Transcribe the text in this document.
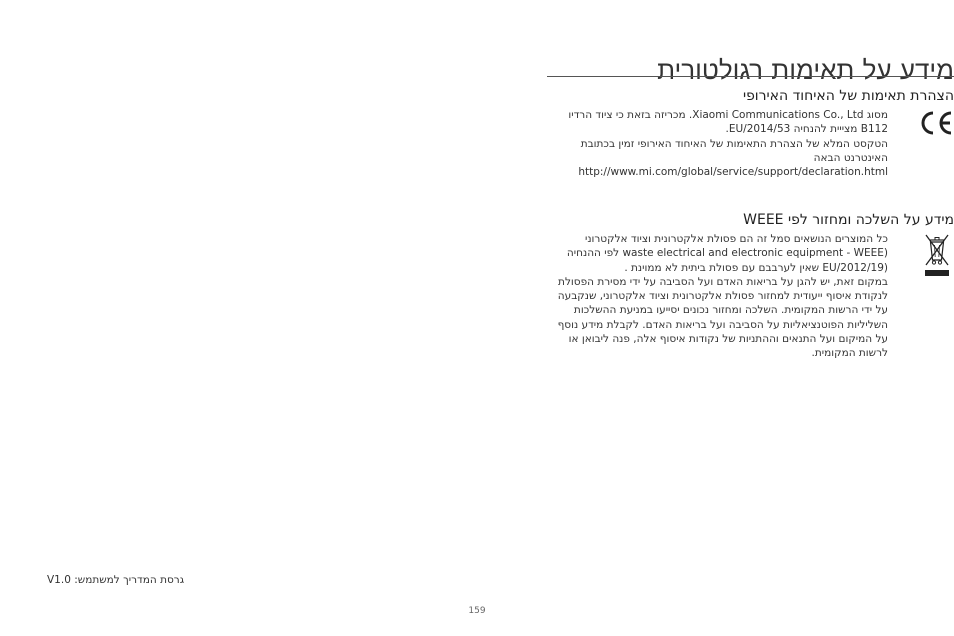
מידע על תאימות רגולטורית
הצהרת תאימות של האיחוד האירופי
מסוג Xiaomi Communications Co., Ltd. מכריזה בזאת כי ציוד הרדיו
B112 מצייית להנחיה EU/2014/53.
הטקסט המלא של הצהרת התאימות של האיחוד האירופי זמין בכתובת
האינטרנט הבאה
http://www.mi.com/global/service/support/declaration.html
מידע על השלכה ומחזור לפי WEEE
כל המוצרים הנושאים סמל זה הם פסולת אלקטרונית וציוד אלקטרוני
(waste electrical and electronic equipment - WEEE לפי ההנחיה
(EU/2012/19 שאין לערבבם עם פסולת ביתית לא ממוינת .
במקום זאת, יש להגן על בריאות האדם ועל הסביבה על ידי מסירת הפסולת
לנקודת איסוף ייעודית למחזור פסולת אלקטרונית וציוד אלקטרוני, שנקבעה
על ידי הרשות המקומית. השלכה ומחזור נכונים יסייעו במניעת ההשלכות
השליליות הפוטנציאליות על הסביבה ועל בריאות האדם. לקבלת מידע נוסף
על המיקום ועל התנאים וההתניות של נקודות איסוף אלה, פנה ליבואן או
לרשות המקומית.
גרסת המדריך למשתמש: V1.0
159
